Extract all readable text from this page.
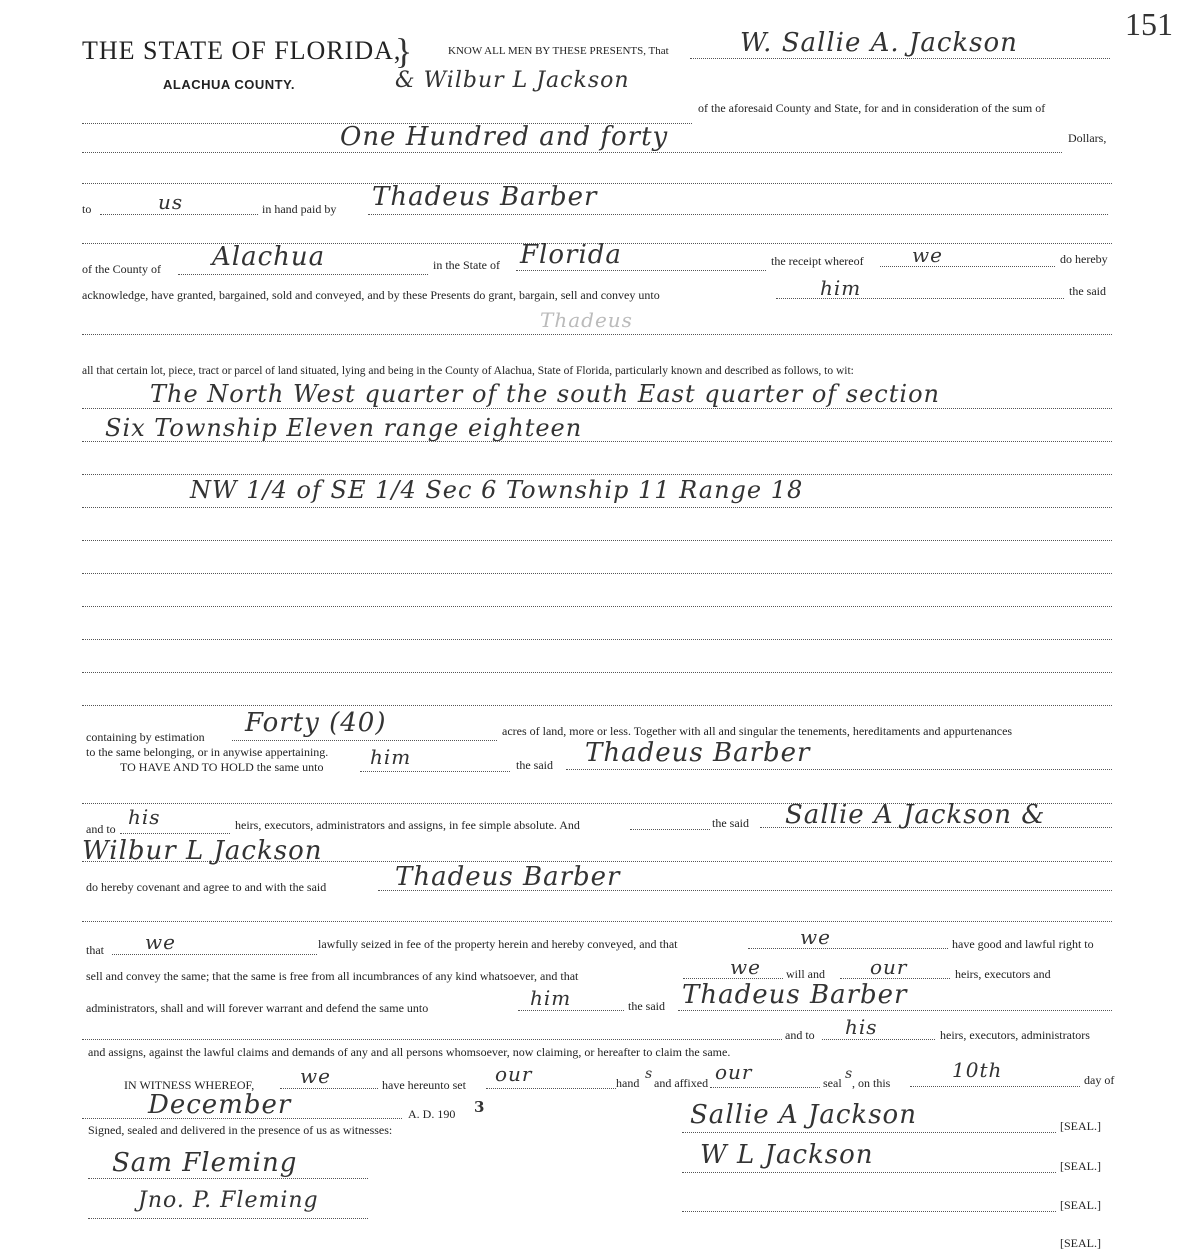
THE STATE OF FLORIDA,
}
ALACHUA COUNTY.
KNOW ALL MEN BY THESE PRESENTS, That	W. Sallie A. Jackson
151
& Wilbur L Jackson
of the aforesaid County and State, for and in consideration of the sum of
One Hundred and forty	Dollars,
to	us	in hand paid by Thadeus Barber
of the County of Alachua	in the State of Florida	the receipt whereof we	do hereby
acknowledge, have granted, bargained, sold and conveyed, and by these Presents do grant, bargain, sell and convey unto	him	the said
Thadeus
all that certain lot, piece, tract or parcel of land situated, lying and being in the County of Alachua, State of Florida, particularly known and described as follows, to wit:
The North West quarter of the south East quarter of section
Six Township Eleven range eighteen
NW 1/4 of SE 1/4 Sec 6 Township 11 Range 18
containing by estimation Forty (40)	acres of land, more or less. Together with all and singular the tenements, hereditaments and appurtenances
to the same belonging, or in anywise appertaining.
TO HAVE AND TO HOLD the same unto him	the said Thadeus Barber
and to his	heirs, executors, administrators and assigns, in fee simple absolute. And	the said Sallie A Jackson &
Wilbur L Jackson
do hereby covenant and agree to and with the said	Thadeus Barber
that we	lawfully seized in fee of the property herein and hereby conveyed, and that	we	have good and lawful right to
sell and convey the same; that the same is free from all incumbrances of any kind whatsoever, and that	we will and our	heirs, executors and
administrators, shall and will forever warrant and defend the same unto	him	the said Thadeus Barber
and to his	heirs, executors, administrators
and assigns, against the lawful claims and demands of any and all persons whomsoever, now claiming, or hereafter to claim the same.
IN WITNESS WHEREOF, we	have hereunto set our	hand
s
and affixed our	seal
s
, on this
10th	day of
December	A. D. 190 3
Signed, sealed and delivered in the presence of us as witnesses:	Sallie A Jackson	[SEAL.]
W L Jackson	[SEAL.]
[SEAL.]
[SEAL.]
Sam Fleming
Jno. P. Fleming
